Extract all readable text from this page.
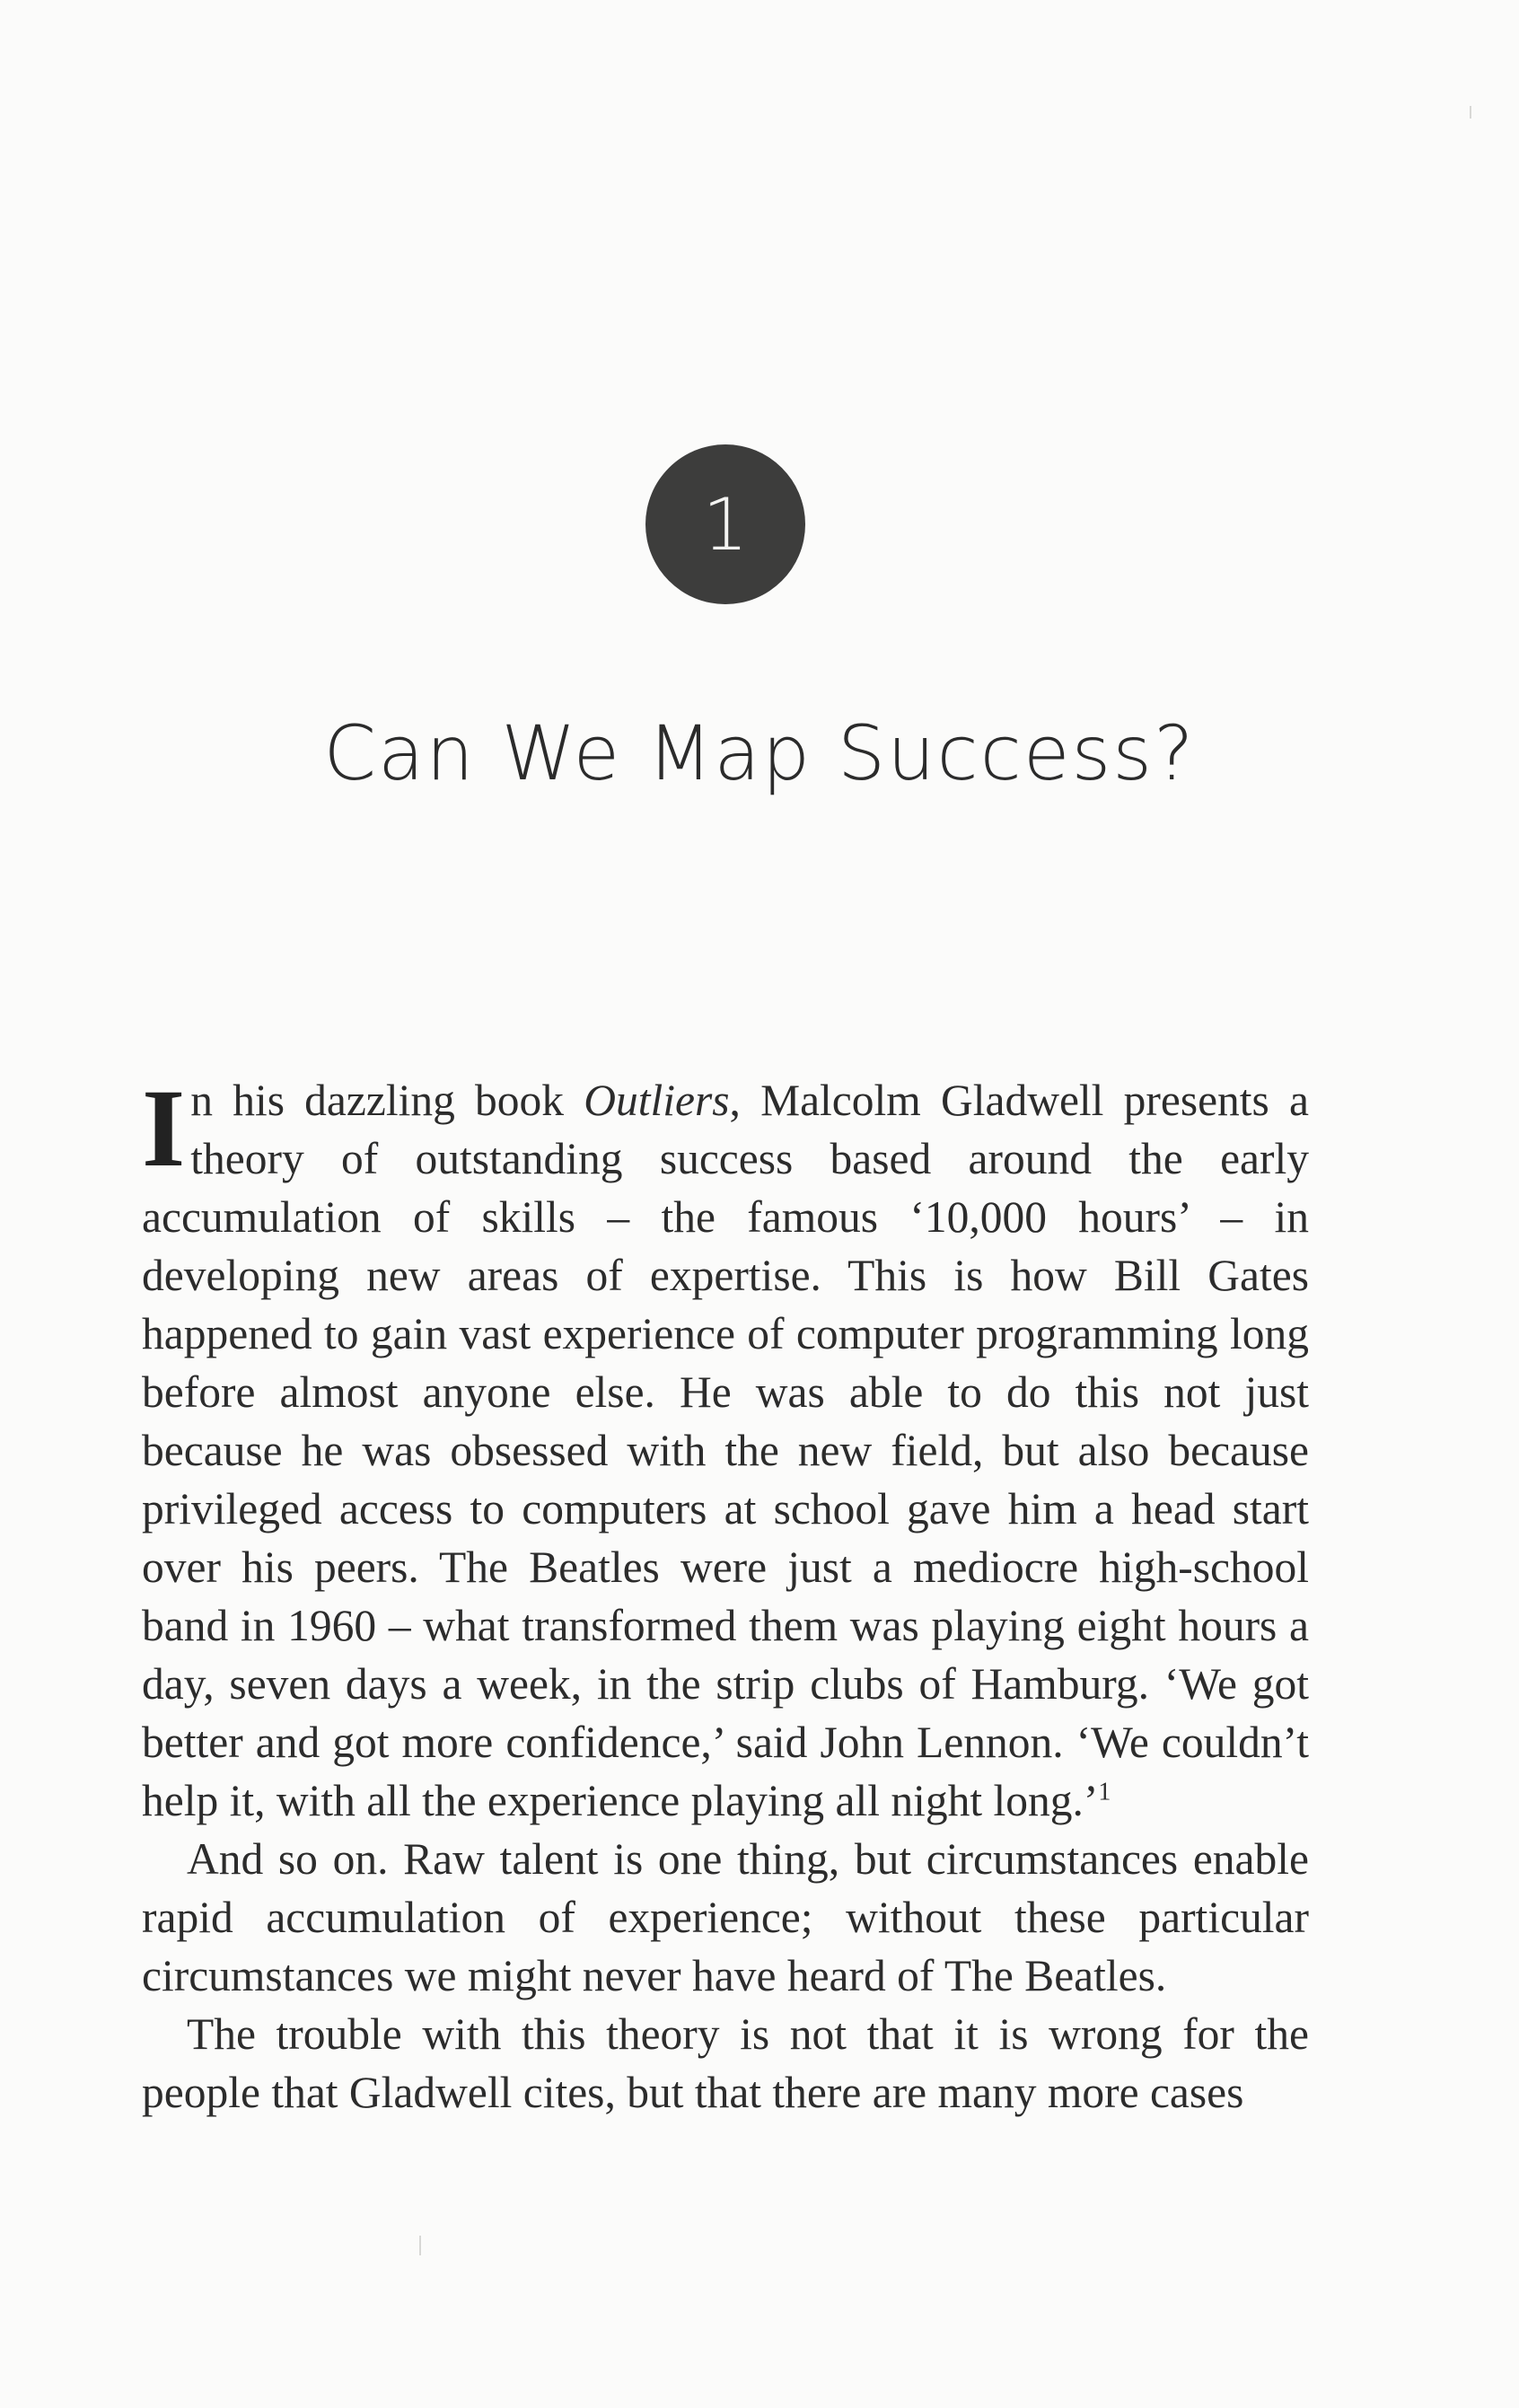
1
Can We Map Success?

In his dazzling book Outliers, Malcolm Gladwell presents a theory of outstanding success based around the early accumulation of skills – the famous ‘10,000 hours’ – in developing new areas of expertise. This is how Bill Gates happened to gain vast experience of computer programming long before almost anyone else. He was able to do this not just because he was obsessed with the new field, but also because privileged access to computers at school gave him a head start over his peers. The Beatles were just a mediocre high-school band in 1960 – what transformed them was playing eight hours a day, seven days a week, in the strip clubs of Hamburg. ‘We got better and got more confidence,’ said John Lennon. ‘We couldn’t help it, with all the experience playing all night long.’$^1$

And so on. Raw talent is one thing, but circumstances enable rapid accumulation of experience; without these particular circumstances we might never have heard of The Beatles.

The trouble with this theory is not that it is wrong for the people that Gladwell cites, but that there are many more cases
